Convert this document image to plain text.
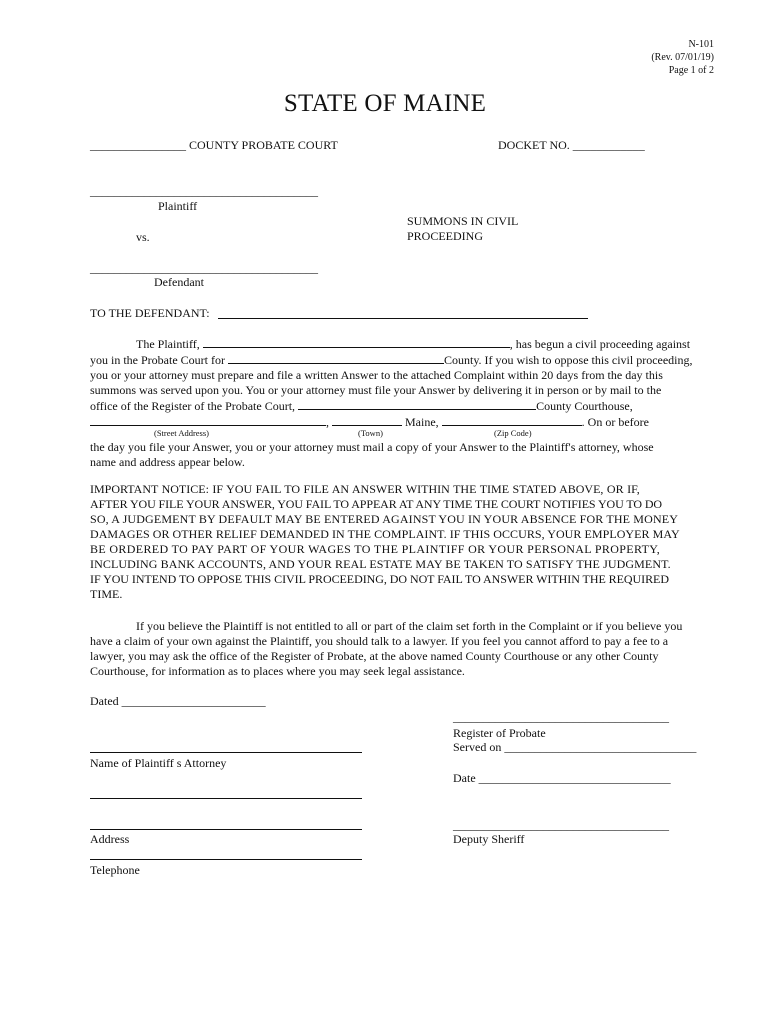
N-101
(Rev. 07/01/19)
Page 1 of 2
STATE OF MAINE
________________ COUNTY PROBATE COURT	DOCKET NO. ____________
______________________________________
Plaintiff
vs.
SUMMONS IN CIVIL
PROCEEDING
______________________________________
Defendant
TO THE DEFENDANT:
The Plaintiff,	, has begun a civil proceeding against
you in the Probate Court for	County. If you wish to oppose this civil proceeding,
you or your attorney must prepare and file a written Answer to the attached Complaint within 20 days from the day this
summons was served upon you. You or your attorney must file your Answer by delivering it in person or by mail to the
office of the Register of the Probate Court,	County Courthouse,
,	Maine,	. On or before
(Street Address)	(Town)	(Zip Code)
the day you file your Answer, you or your attorney must mail a copy of your Answer to the Plaintiff's attorney, whose
name and address appear below.
IMPORTANT NOTICE: IF YOU FAIL TO FILE AN ANSWER WITHIN THE TIME STATED ABOVE, OR IF,
AFTER YOU FILE YOUR ANSWER, YOU FAIL TO APPEAR AT ANY TIME THE COURT NOTIFIES YOU TO DO
SO, A JUDGEMENT BY DEFAULT MAY BE ENTERED AGAINST YOU IN YOUR ABSENCE FOR THE MONEY
DAMAGES OR OTHER RELIEF DEMANDED IN THE COMPLAINT. IF THIS OCCURS, YOUR EMPLOYER MAY
BE ORDERED TO PAY PART OF YOUR WAGES TO THE PLAINTIFF OR YOUR PERSONAL PROPERTY,
INCLUDING BANK ACCOUNTS, AND YOUR REAL ESTATE MAY BE TAKEN TO SATISFY THE JUDGMENT.
IF YOU INTEND TO OPPOSE THIS CIVIL PROCEEDING, DO NOT FAIL TO ANSWER WITHIN THE REQUIRED
TIME.
If you believe the Plaintiff is not entitled to all or part of the claim set forth in the Complaint or if you believe you
have a claim of your own against the Plaintiff, you should talk to a lawyer. If you feel you cannot afford to pay a fee to a
lawyer, you may ask the office of the Register of Probate, at the above named County Courthouse or any other County
Courthouse, for information as to places where you may seek legal assistance.
Dated ________________________
____________________________________
Register of Probate
Served on ________________________________
Date ________________________________
Name of Plaintiff s Attorney
Address
____________________________________
Deputy Sheriff
Telephone
